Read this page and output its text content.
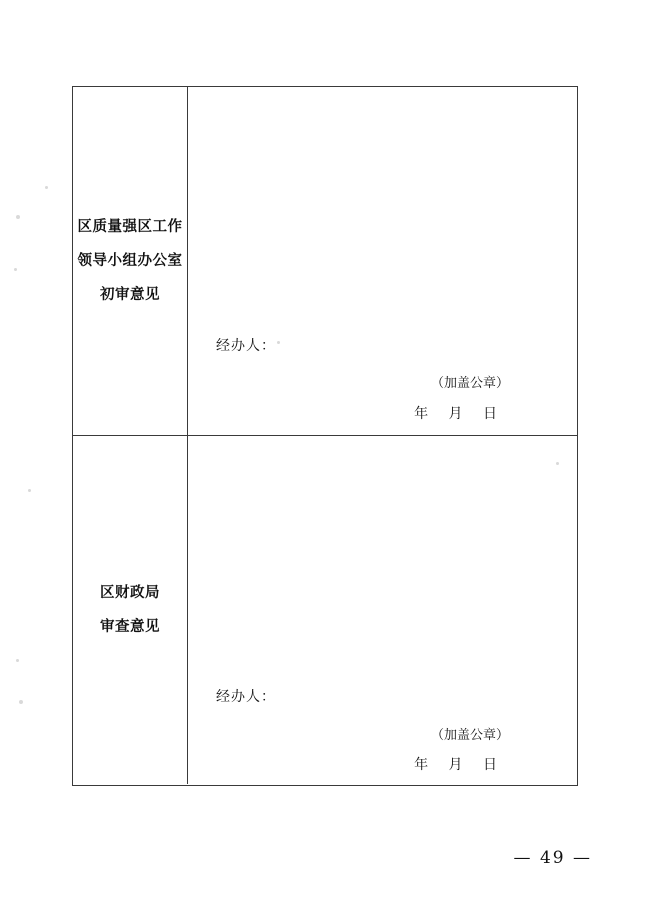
区质量强区工作
领导小组办公室
初审意见
经办人：
（加盖公章）
年 月 日
区财政局
审查意见
经办人：
（加盖公章）
年 月 日
— 49 —
